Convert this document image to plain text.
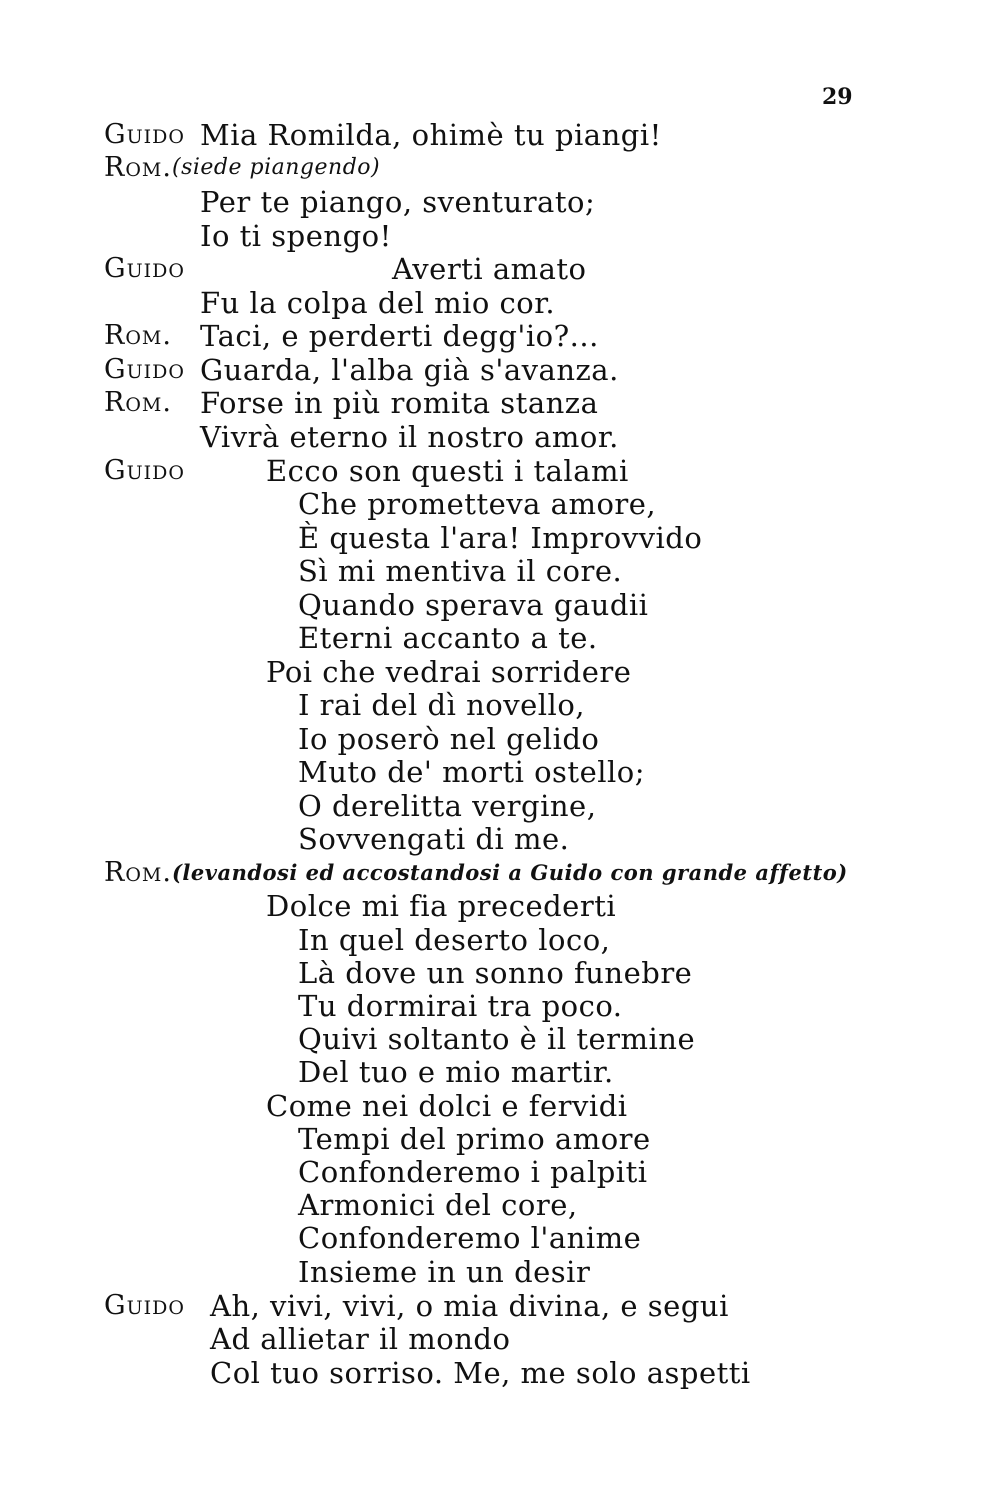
29
Guido Mia Romilda, ohimè tu piangi!
Rom. (siede piangendo)
Per te piango, sventurato;
Io ti spengo!
Guido	Averti amato
Fu la colpa del mio cor.
Rom. Taci, e perderti degg'io?...
Guido Guarda, l'alba già s'avanza.
Rom. Forse in più romita stanza
Vivrà eterno il nostro amor.
Guido	Ecco son questi i talami
Che prometteva amore,
È questa l'ara! Improvvido
Sì mi mentiva il core.
Quando sperava gaudii
Eterni accanto a te.
Poi che vedrai sorridere
I rai del dì novello,
Io poserò nel gelido
Muto de' morti ostello;
O derelitta vergine,
Sovvengati di me.
Rom. (levandosi ed accostandosi a Guido con grande affetto)
Dolce mi fia precederti
In quel deserto loco,
Là dove un sonno funebre
Tu dormirai tra poco.
Quivi soltanto è il termine
Del tuo e mio martir.
Come nei dolci e fervidi
Tempi del primo amore
Confonderemo i palpiti
Armonici del core,
Confonderemo l'anime
Insieme in un desir
Guido Ah, vivi, vivi, o mia divina, e segui
Ad allietar il mondo
Col tuo sorriso. Me, me solo aspetti
